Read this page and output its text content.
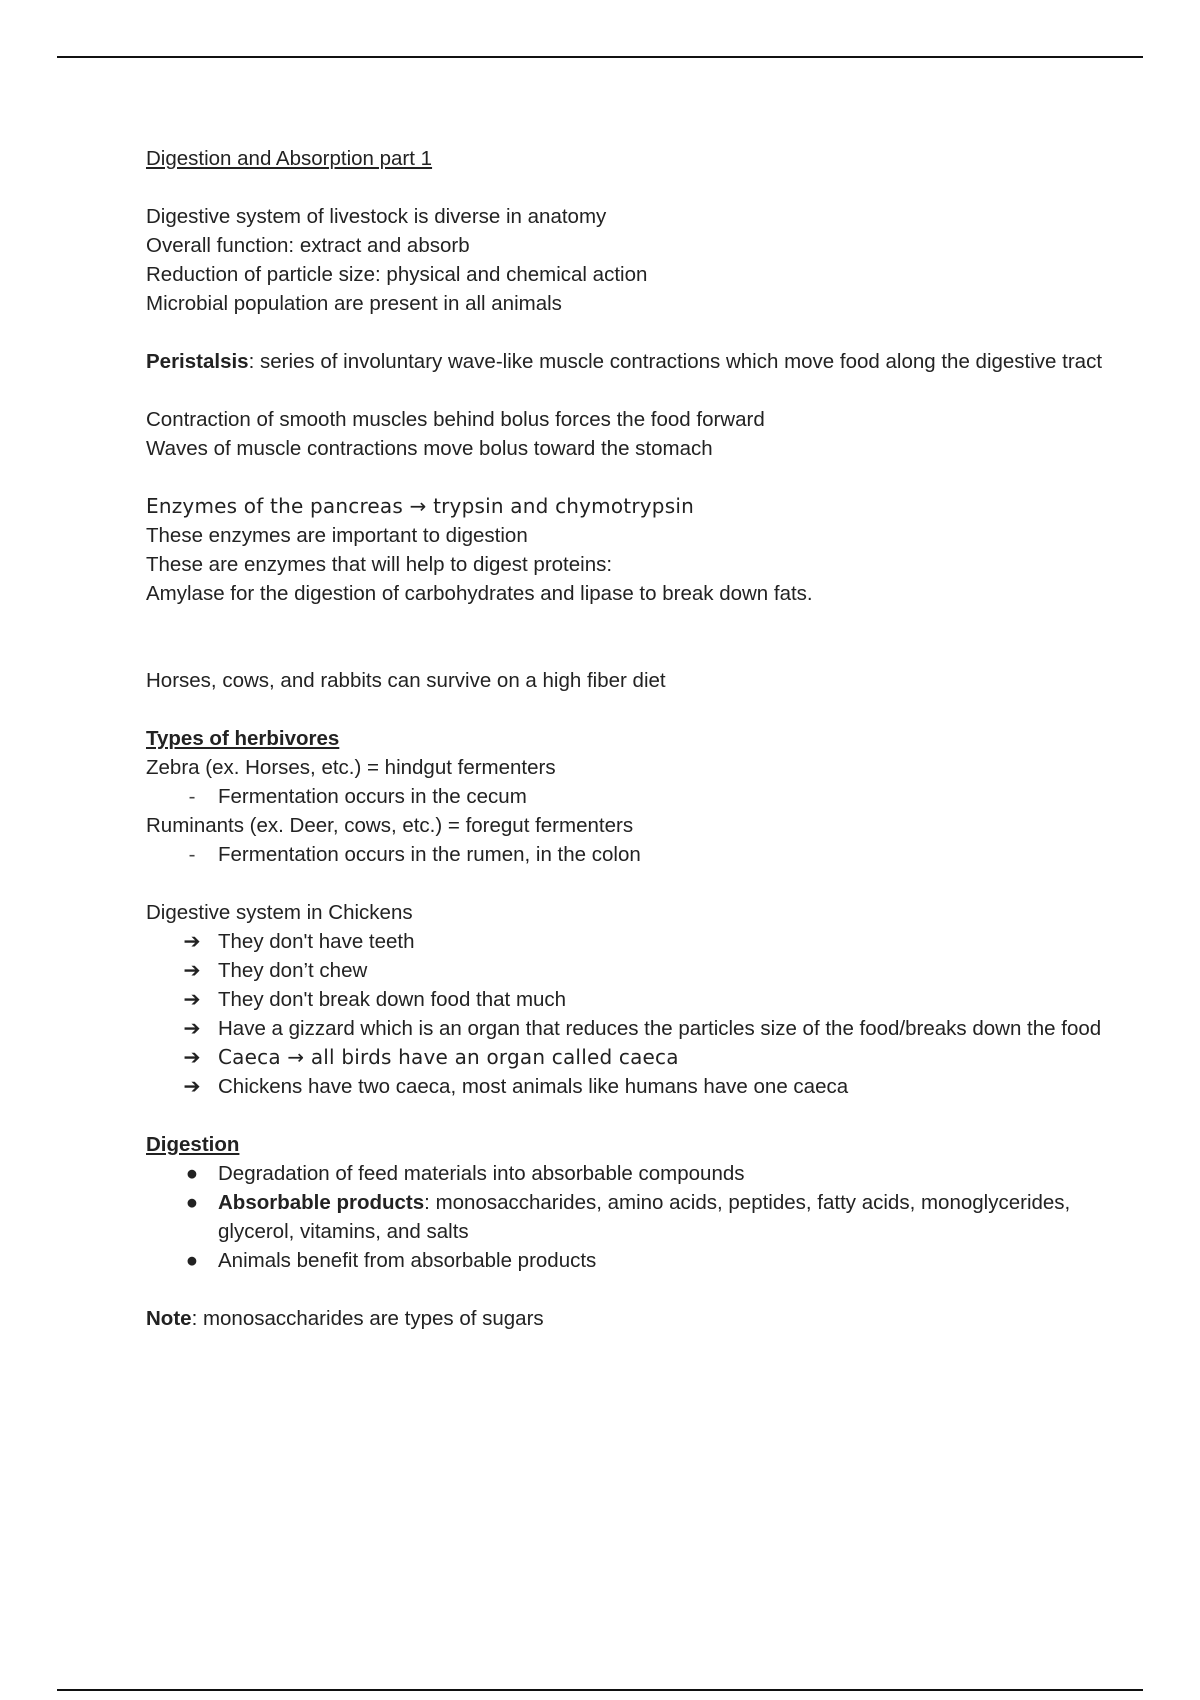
Digestion and Absorption part 1

Digestive system of livestock is diverse in anatomy

Overall function: extract and absorb

Reduction of particle size: physical and chemical action

Microbial population are present in all animals

Peristalsis: series of involuntary wave-like muscle contractions which move food along the digestive tract

Contraction of smooth muscles behind bolus forces the food forward

Waves of muscle contractions move bolus toward the stomach

Enzymes of the pancreas → trypsin and chymotrypsin

These enzymes are important to digestion

These are enzymes that will help to digest proteins:

Amylase for the digestion of carbohydrates and lipase to break down fats.

Horses, cows, and rabbits can survive on a high fiber diet

Types of herbivores

Zebra (ex. Horses, etc.) = hindgut fermenters

-	Fermentation occurs in the cecum

Ruminants (ex. Deer, cows, etc.) = foregut fermenters

-	Fermentation occurs in the rumen, in the colon

Digestive system in Chickens

➔ They don't have teeth
➔ They don’t chew
➔ They don't break down food that much
➔ Have a gizzard which is an organ that reduces the particles size of the food/breaks down the food
➔ Caeca → all birds have an organ called caeca
➔ Chickens have two caeca, most animals like humans have one caeca

Digestion

● Degradation of feed materials into absorbable compounds
● Absorbable products: monosaccharides, amino acids, peptides, fatty acids, monoglycerides, glycerol, vitamins, and salts
● Animals benefit from absorbable products

Note: monosaccharides are types of sugars
